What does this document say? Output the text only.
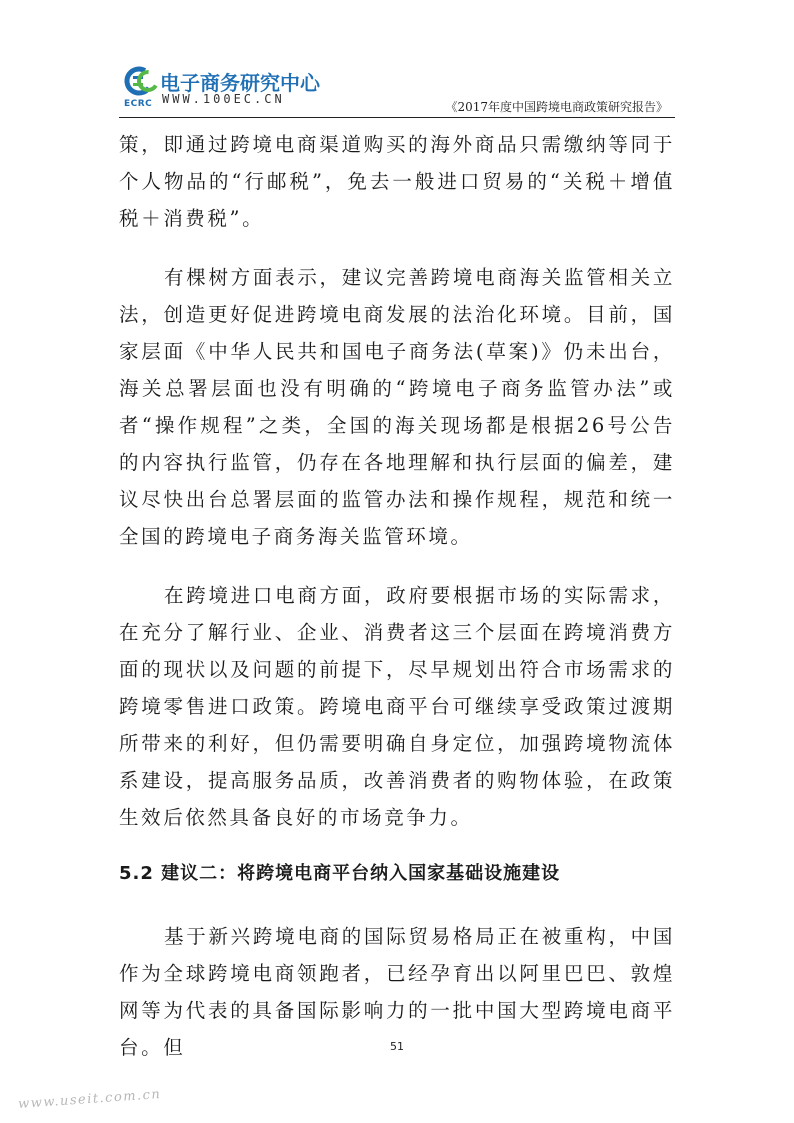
电子商务研究中心
ECRC WWW.100EC.CN
《2017年度中国跨境电商政策研究报告》

策，即通过跨境电商渠道购买的海外商品只需缴纳等同于个人物品的“行邮税”，免去一般进口贸易的“关税＋增值税＋消费税”。

有棵树方面表示，建议完善跨境电商海关监管相关立法，创造更好促进跨境电商发展的法治化环境。目前，国家层面《中华人民共和国电子商务法(草案)》仍未出台，海关总署层面也没有明确的“跨境电子商务监管办法”或者“操作规程”之类，全国的海关现场都是根据26号公告的内容执行监管，仍存在各地理解和执行层面的偏差，建议尽快出台总署层面的监管办法和操作规程，规范和统一全国的跨境电子商务海关监管环境。

在跨境进口电商方面，政府要根据市场的实际需求，在充分了解行业、企业、消费者这三个层面在跨境消费方面的现状以及问题的前提下，尽早规划出符合市场需求的跨境零售进口政策。跨境电商平台可继续享受政策过渡期所带来的利好，但仍需要明确自身定位，加强跨境物流体系建设，提高服务品质，改善消费者的购物体验，在政策生效后依然具备良好的市场竞争力。

5.2 建议二：将跨境电商平台纳入国家基础设施建设

基于新兴跨境电商的国际贸易格局正在被重构，中国作为全球跨境电商领跑者，已经孕育出以阿里巴巴、敦煌网等为代表的具备国际影响力的一批中国大型跨境电商平台。但	51
www.useit.com.cn
